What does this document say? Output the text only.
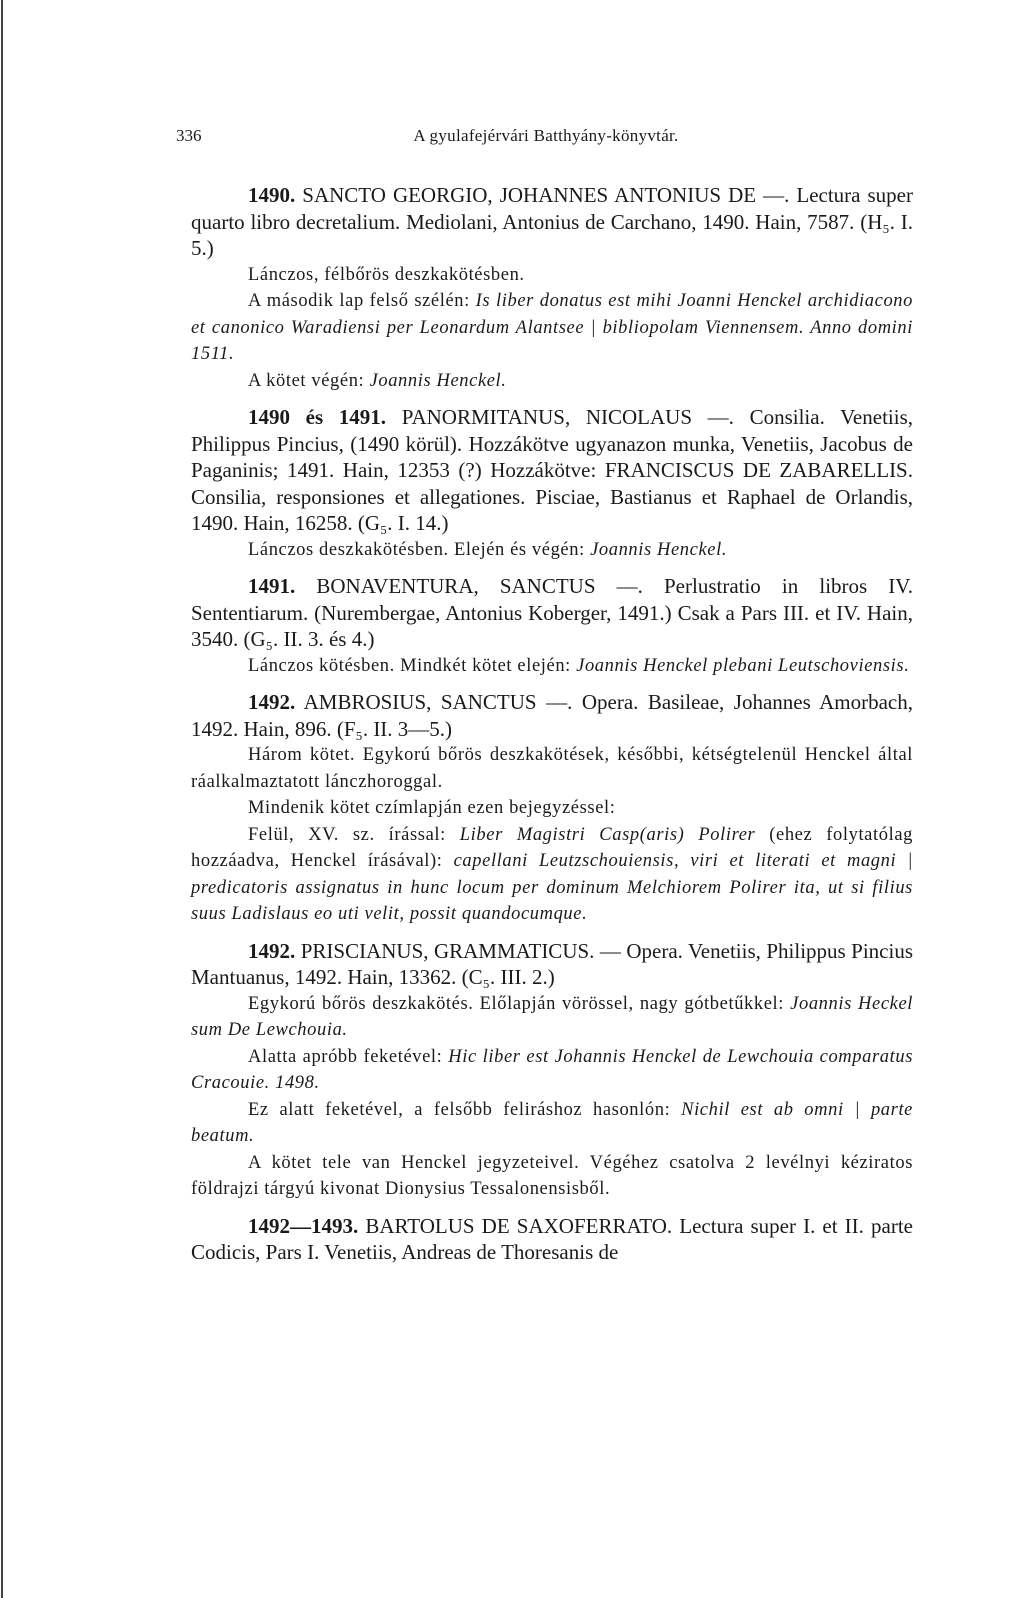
336	A gyulafejérvári Batthyány-könyvtár.

1490. SANCTO GEORGIO, JOHANNES ANTONIUS DE —. Lectura super quarto libro decretalium. Mediolani, Antonius de Carchano, 1490. Hain, 7587. (H₅. I. 5.)

Lánczos, félbőrös deszkakötésben.

A második lap felső szélén: Is liber donatus est mihi Joanni Henckel archidiacono et canonico Waradiensi per Leonardum Alantsee | bibliopolam Viennensem. Anno domini 1511.

A kötet végén: Joannis Henckel.

1490 és 1491. PANORMITANUS, NICOLAUS —. Consilia. Venetiis, Philippus Pincius, (1490 körül). Hozzákötve ugyanazon munka, Venetiis, Jacobus de Paganinis; 1491. Hain, 12353 (?) Hozzákötve: FRANCISCUS DE ZABARELLIS. Consilia, responsiones et allegationes. Pisciae, Bastianus et Raphael de Orlandis, 1490. Hain, 16258. (G₅. I. 14.)

Lánczos deszkakötésben. Elején és végén: Joannis Henckel.

1491. BONAVENTURA, SANCTUS —. Perlustratio in libros IV. Sententiarum. (Nurembergae, Antonius Koberger, 1491.) Csak a Pars III. et IV. Hain, 3540. (G₅. II. 3. és 4.)

Lánczos kötésben. Mindkét kötet elején: Joannis Henckel plebani Leutschoviensis.

1492. AMBROSIUS, SANCTUS —. Opera. Basileae, Johannes Amorbach, 1492. Hain, 896. (F₅. II. 3—5.)

Három kötet. Egykorú bőrös deszkakötések, későbbi, kétségtelenül Henckel által ráalkalmaztatott lánczhoroggal.

Mindenik kötet czímlapján ezen bejegyzéssel:

Felül, XV. sz. írással: Liber Magistri Casp(aris) Polirer (ehez folytatólag hozzáadva, Henckel írásával): capellani Leutzschouiensis, viri et literati et magni | predicatoris assignatus in hunc locum per dominum Melchiorem Polirer ita, ut si filius suus Ladislaus eo uti velit, possit quandocumque.

1492. PRISCIANUS, GRAMMATICUS. — Opera. Venetiis, Philippus Pincius Mantuanus, 1492. Hain, 13362. (C₅. III. 2.)

Egykorú bőrös deszkakötés. Előlapján vörössel, nagy gótbetűkkel: Joannis Heckel sum De Lewchouia.

Alatta apróbb feketével: Hic liber est Johannis Henckel de Lewchouia comparatus Cracouie. 1498.

Ez alatt feketével, a felsőbb feliráshoz hasonlón: Nichil est ab omni | parte beatum.

A kötet tele van Henckel jegyzeteivel. Végéhez csatolva 2 levélnyi kéziratos földrajzi tárgyú kivonat Dionysius Tessalonensisből.

1492—1493. BARTOLUS DE SAXOFERRATO. Lectura super I. et II. parte Codicis, Pars I. Venetiis, Andreas de Thoresanis de
